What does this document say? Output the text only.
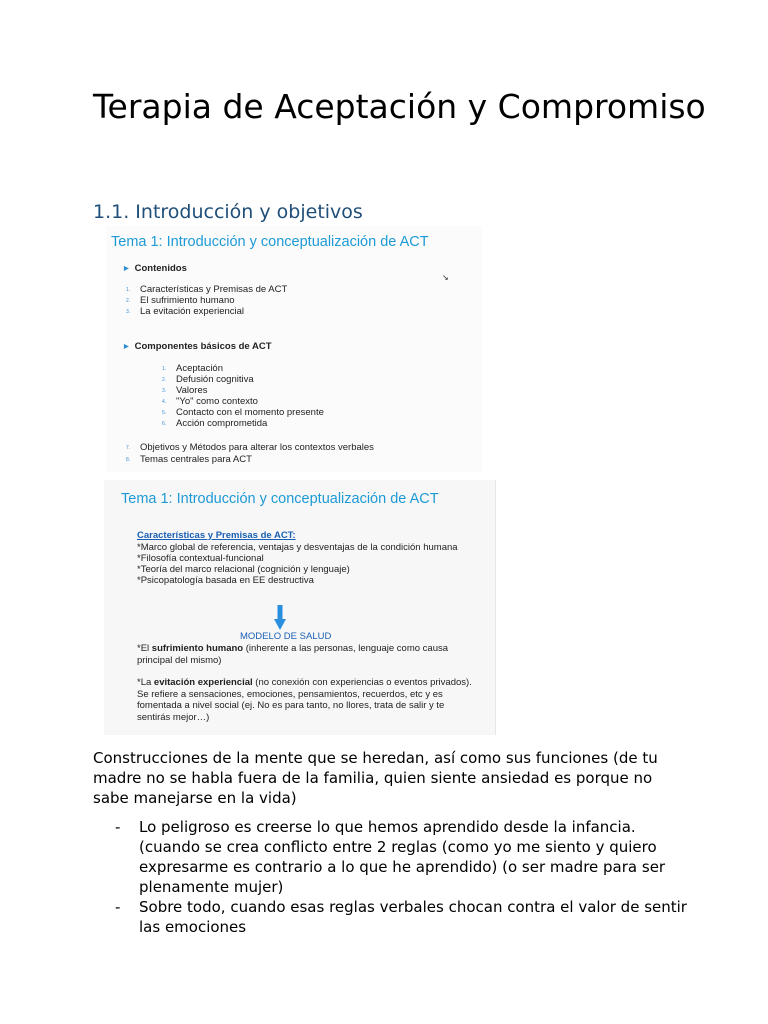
Terapia de Aceptación y Compromiso
1.1. Introducción y objetivos
Tema 1: Introducción y conceptualización de ACT
↘
▶ Contenidos
1. Características y Premisas de ACT
2. El sufrimiento humano
3. La evitación experiencial
▶ Componentes básicos de ACT
1. Aceptación
2. Defusión cognitiva
3. Valores
4. "Yo" como contexto
5. Contacto con el momento presente
6. Acción comprometida
7. Objetivos y Métodos para alterar los contextos verbales
8. Temas centrales para ACT
Tema 1: Introducción y conceptualización de ACT
Características y Premisas de ACT:
*Marco global de referencia, ventajas y desventajas de la condición humana
*Filosofía contextual-funcional
*Teoría del marco relacional (cognición y lenguaje)
*Psicopatología basada en EE destructiva
MODELO DE SALUD
*El sufrimiento humano (inherente a las personas, lenguaje como causa principal del mismo)
*La evitación experiencial (no conexión con experiencias o eventos privados). Se refiere a sensaciones, emociones, pensamientos, recuerdos, etc y es fomentada a nivel social (ej. No es para tanto, no llores, trata de salir y te sentirás mejor…)

Construcciones de la mente que se heredan, así como sus funciones (de tu madre no se habla fuera de la familia, quien siente ansiedad es porque no sabe manejarse en la vida)

- Lo peligroso es creerse lo que hemos aprendido desde la infancia. (cuando se crea conflicto entre 2 reglas (como yo me siento y quiero expresarme es contrario a lo que he aprendido) (o ser madre para ser plenamente mujer)
- Sobre todo, cuando esas reglas verbales chocan contra el valor de sentir las emociones
